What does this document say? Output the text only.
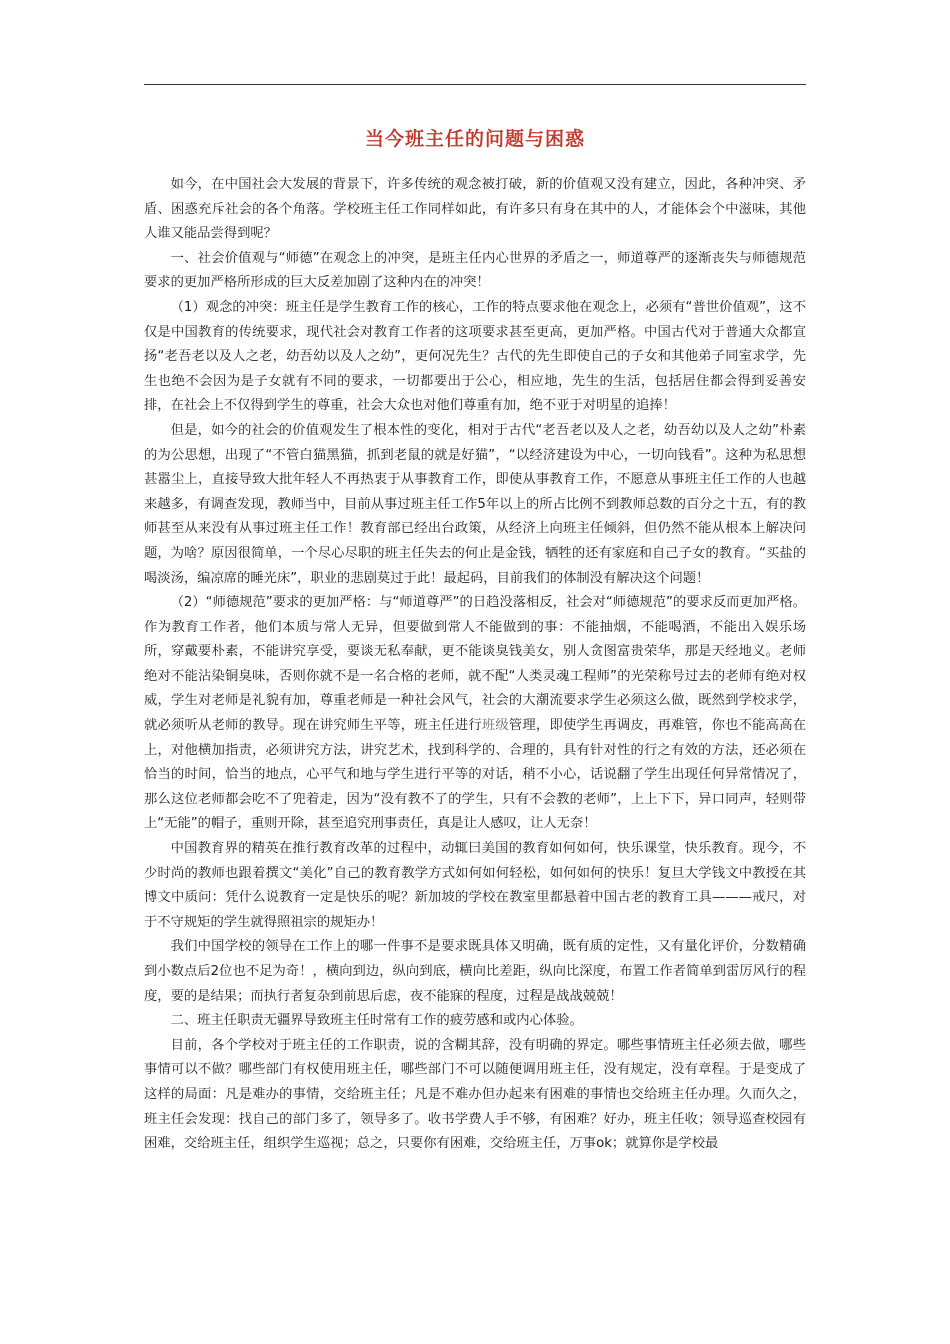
当今班主任的问题与困惑

如今，在中国社会大发展的背景下，许多传统的观念被打破，新的价值观又没有建立，因此，各种冲突、矛盾、困惑充斥社会的各个角落。学校班主任工作同样如此，有许多只有身在其中的人，才能体会个中滋味，其他人谁又能品尝得到呢？

一、社会价值观与“师德”在观念上的冲突，是班主任内心世界的矛盾之一，师道尊严的逐渐丧失与师德规范要求的更加严格所形成的巨大反差加剧了这种内在的冲突！

（1）观念的冲突：班主任是学生教育工作的核心，工作的特点要求他在观念上，必须有“普世价值观”，这不仅是中国教育的传统要求，现代社会对教育工作者的这项要求甚至更高，更加严格。中国古代对于普通大众都宣扬“老吾老以及人之老，幼吾幼以及人之幼”，更何况先生？古代的先生即使自己的子女和其他弟子同室求学，先生也绝不会因为是子女就有不同的要求，一切都要出于公心，相应地，先生的生活，包括居住都会得到妥善安排，在社会上不仅得到学生的尊重，社会大众也对他们尊重有加，绝不亚于对明星的追捧！

但是，如今的社会的价值观发生了根本性的变化，相对于古代“老吾老以及人之老，幼吾幼以及人之幼”朴素的为公思想，出现了“不管白猫黑猫，抓到老鼠的就是好猫”，“以经济建设为中心，一切向钱看”。这种为私思想甚嚣尘上，直接导致大批年轻人不再热衷于从事教育工作，即使从事教育工作，不愿意从事班主任工作的人也越来越多，有调查发现，教师当中，目前从事过班主任工作5年以上的所占比例不到教师总数的百分之十五，有的教师甚至从来没有从事过班主任工作！教育部已经出台政策，从经济上向班主任倾斜，但仍然不能从根本上解决问题，为啥？原因很简单，一个尽心尽职的班主任失去的何止是金钱，牺牲的还有家庭和自己子女的教育。“买盐的喝淡汤，编凉席的睡光床”，职业的悲剧莫过于此！最起码，目前我们的体制没有解决这个问题！

（2）“师德规范”要求的更加严格：与“师道尊严”的日趋没落相反，社会对“师德规范”的要求反而更加严格。作为教育工作者，他们本质与常人无异，但要做到常人不能做到的事：不能抽烟，不能喝酒，不能出入娱乐场所，穿戴要朴素，不能讲究享受，要谈无私奉献，更不能谈臭钱美女，别人贪图富贵荣华，那是天经地义。老师绝对不能沾染铜臭味，否则你就不是一名合格的老师，就不配“人类灵魂工程师”的光荣称号过去的老师有绝对权威，学生对老师是礼貌有加，尊重老师是一种社会风气，社会的大潮流要求学生必须这么做，既然到学校求学，就必须听从老师的教导。现在讲究师生平等，班主任进行班级管理，即使学生再调皮，再难管，你也不能高高在上，对他横加指责，必须讲究方法，讲究艺术，找到科学的、合理的，具有针对性的行之有效的方法，还必须在恰当的时间，恰当的地点，心平气和地与学生进行平等的对话，稍不小心，话说翻了学生出现任何异常情况了，那么这位老师都会吃不了兜着走，因为“没有教不了的学生，只有不会教的老师”，上上下下，异口同声，轻则带上“无能”的帽子，重则开除，甚至追究刑事责任，真是让人感叹，让人无奈！

中国教育界的精英在推行教育改革的过程中，动辄曰美国的教育如何如何，快乐课堂，快乐教育。现今，不少时尚的教师也跟着撰文“美化”自己的教育教学方式如何如何轻松，如何如何的快乐！复旦大学钱文中教授在其博文中质问：凭什么说教育一定是快乐的呢？新加坡的学校在教室里都悬着中国古老的教育工具———戒尺，对于不守规矩的学生就得照祖宗的规矩办！

我们中国学校的领导在工作上的哪一件事不是要求既具体又明确，既有质的定性，又有量化评价，分数精确到小数点后2位也不足为奇！，横向到边，纵向到底，横向比差距，纵向比深度，布置工作者简单到雷厉风行的程度，要的是结果；而执行者复杂到前思后虑，夜不能寐的程度，过程是战战兢兢！

二、班主任职责无疆界导致班主任时常有工作的疲劳感和或内心体验。

目前，各个学校对于班主任的工作职责，说的含糊其辞，没有明确的界定。哪些事情班主任必须去做，哪些事情可以不做？哪些部门有权使用班主任，哪些部门不可以随便调用班主任，没有规定，没有章程。于是变成了这样的局面：凡是难办的事情，交给班主任；凡是不难办但办起来有困难的事情也交给班主任办理。久而久之，班主任会发现：找自己的部门多了，领导多了。收书学费人手不够，有困难？好办，班主任收；领导巡查校园有困难，交给班主任，组织学生巡视；总之，只要你有困难，交给班主任，万事ok；就算你是学校最
